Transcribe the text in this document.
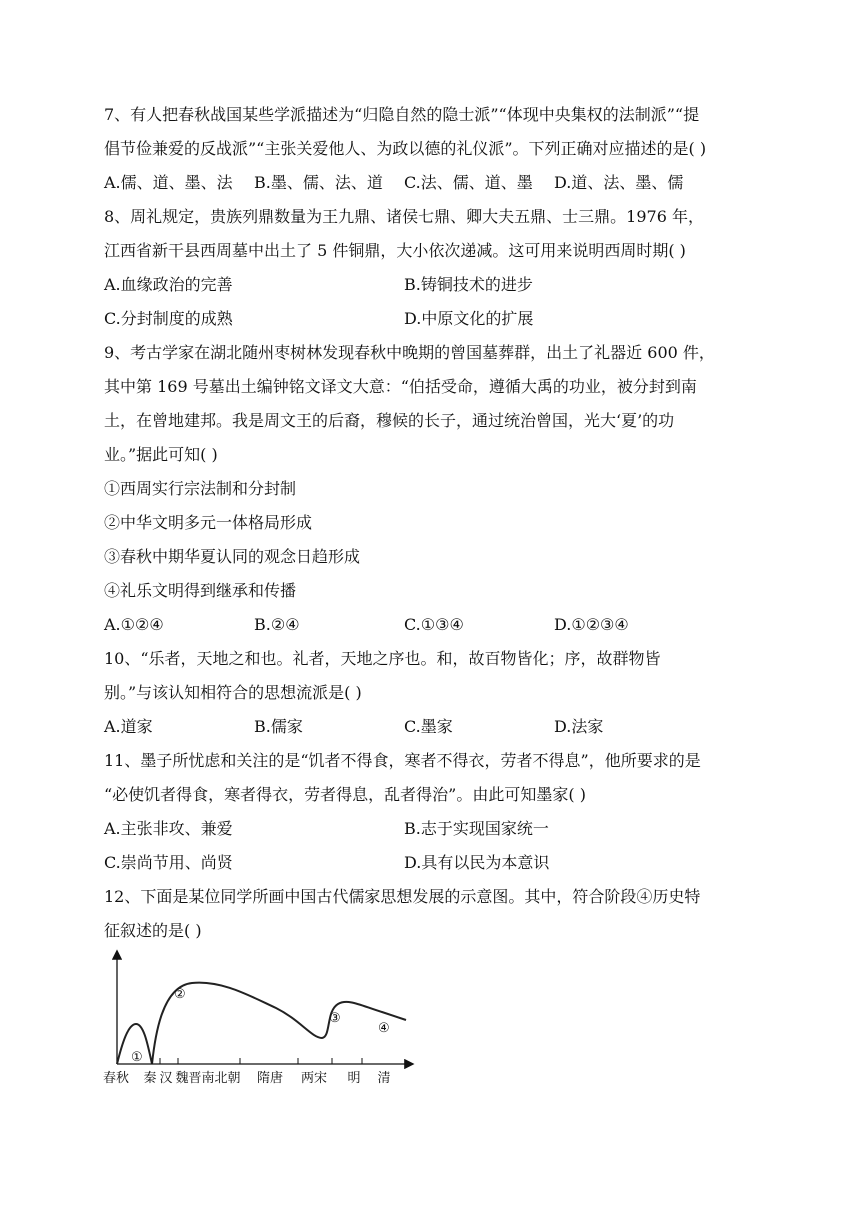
7、有人把春秋战国某些学派描述为“归隐自然的隐士派”“体现中央集权的法制派”“提
倡节俭兼爱的反战派”“主张关爱他人、为政以德的礼仪派”。下列正确对应描述的是( )
A.儒、道、墨、法 B.墨、儒、法、道 C.法、儒、道、墨 D.道、法、墨、儒
8、周礼规定，贵族列鼎数量为王九鼎、诸侯七鼎、卿大夫五鼎、士三鼎。1976 年，
江西省新干县西周墓中出土了 5 件铜鼎，大小依次递减。这可用来说明西周时期( )
A.血缘政治的完善	B.铸铜技术的进步
C.分封制度的成熟	D.中原文化的扩展
9、考古学家在湖北随州枣树林发现春秋中晚期的曾国墓葬群，出土了礼器近 600 件，
其中第 169 号墓出土编钟铭文译文大意：“伯括受命，遵循大禹的功业，被分封到南
土，在曾地建邦。我是周文王的后裔，穆候的长子，通过统治曾国，光大‘夏’的功
业。”据此可知( )
①西周实行宗法制和分封制
②中华文明多元一体格局形成
③春秋中期华夏认同的观念日趋形成
④礼乐文明得到继承和传播
A.①②④	B.②④	C.①③④	D.①②③④
10、“乐者，天地之和也。礼者，天地之序也。和，故百物皆化；序，故群物皆
别。”与该认知相符合的思想流派是( )
A.道家	B.儒家	C.墨家	D.法家
11、墨子所忧虑和关注的是“饥者不得食，寒者不得衣，劳者不得息”，他所要求的是
“必使饥者得食，寒者得衣，劳者得息，乱者得治”。由此可知墨家( )
A.主张非攻、兼爱	B.志于实现国家统一
C.崇尚节用、尚贤	D.具有以民为本意识
12、下面是某位同学所画中国古代儒家思想发展的示意图。其中，符合阶段④历史特
征叙述的是( )
春秋 秦 汉 魏晋南北朝 隋唐 两宋 明 清
①
②
③
④
